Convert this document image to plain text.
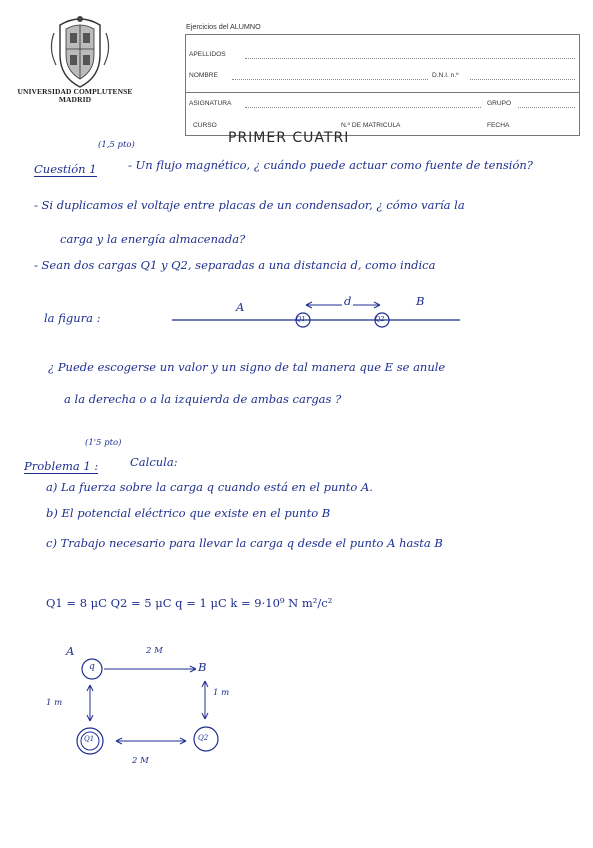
UNIVERSIDAD COMPLUTENSE
MADRID
Ejercicios del ALUMNO
APELLIDOS
NOMBRE	D.N.I. n.º
ASIGNATURA	GRUPO
CURSO	N.º DE MATRICULA	FECHA
PRIMER CUATRI
(1,5 pto)
Cuestión 1	- Un flujo magnético, ¿ cuándo puede actuar como fuente de tensión?
- Si duplicamos el voltaje entre placas de un condensador, ¿ cómo varía la
carga y la energía almacenada?
- Sean dos cargas Q1 y Q2, separadas a una distancia d, como indica
la figura :
A	B
d
Q1	Q2
¿ Puede escogerse un valor y un signo de tal manera que E se anule
a la derecha o a la izquierda de ambas cargas ?
(1'5 pto)
Problema 1 :	Calcula:
a) La fuerza sobre la carga q cuando está en el punto A.
b) El potencial eléctrico que existe en el punto B
c) Trabajo necesario para llevar la carga q desde el punto A hasta B
Q1 = 8 μC Q2 = 5 μC q = 1 μC k = 9·10⁹ N m²/c²
A
B
q
Q1	Q2
2 M
2 M
1 m
1 m
